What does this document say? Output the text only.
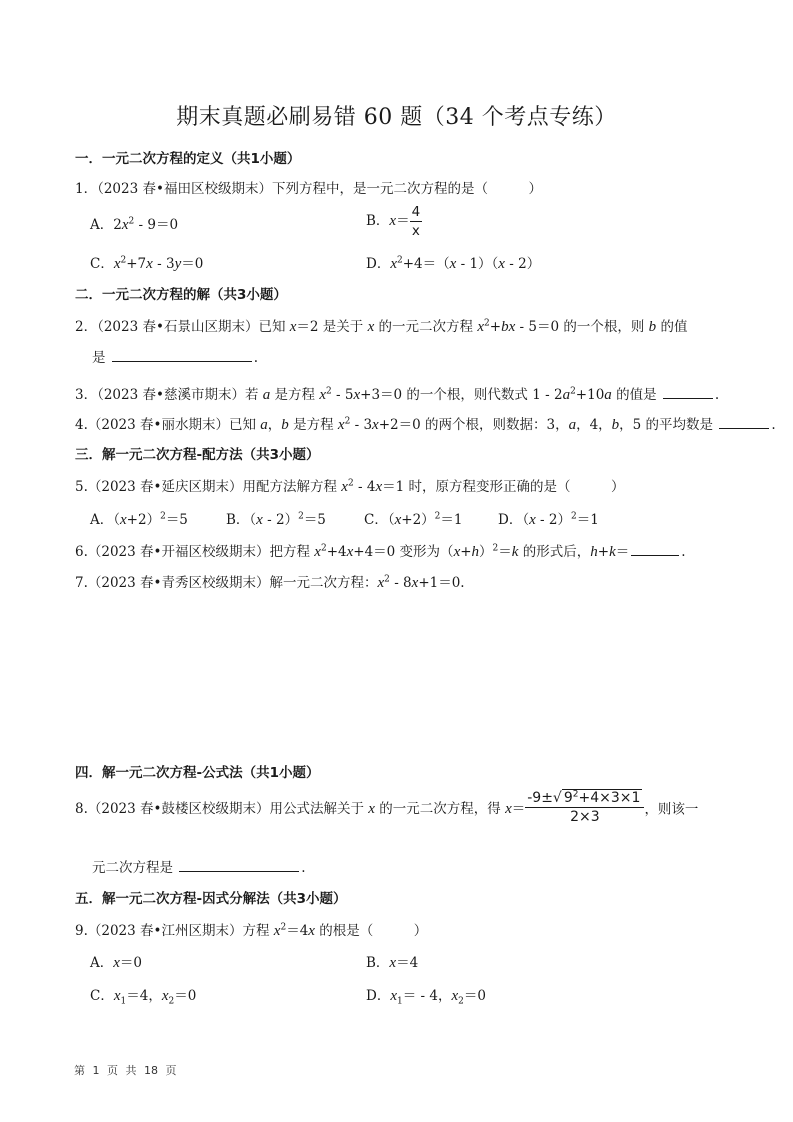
期末真题必刷易错 60 题（34 个考点专练）
一．一元二次方程的定义（共1小题）
1．（2023 春•福田区校级期末）下列方程中，是一元二次方程的是（　　　）
A．$2x^2 - 9=0$	B．$x= \frac{4}{x}$
C．$x^2+7x - 3y=0$	D．$x^2+4=(x - 1)(x - 2)$
二．一元二次方程的解（共3小题）
2．（2023 春•石景山区期末）已知 x＝2 是关于 x 的一元二次方程 $x^2+bx - 5=0$ 的一个根，则 b 的值
是	.
3．（2023 春•慈溪市期末）若 a 是方程 $x^2 - 5x+3=0$ 的一个根，则代数式 $1 - 2a^2+10a$ 的值是	.
4.（2023 春•丽水期末）已知 a，b 是方程 $x^2 - 3x+2=0$ 的两个根，则数据：3，a，4，b，5 的平均数是	.
三．解一元二次方程-配方法（共3小题）
5.（2023 春•延庆区期末）用配方法解方程 $x^2 - 4x=1$ 时，原方程变形正确的是（　　　）
A．$(x+2)^2=5$	B．（x - 2）$^2$＝5	C．$(x+2)^2=1$	D．（x - 2）$^2$＝1
6.（2023 春•开福区校级期末）把方程 $x^2+4x+4=0$ 变形为$(x+h)^2=k$ 的形式后，h+k＝	.
7.（2023 春•青秀区校级期末）解一元二次方程：$x^2 - 8x+1=0$.
四．解一元二次方程-公式法（共1小题）
8.（2023 春•鼓楼区校级期末）用公式法解关于 x 的一元二次方程，得 $x= \frac{-9\pm√ 9^2+4\times 3\times 1}{2\times 3}$ ，则该一
元二次方程是	.
五．解一元二次方程-因式分解法（共3小题）
9.（2023 春•江州区期末）方程 $x^2=4x$ 的根是（　　　）
A．x＝0	B．x＝4
C．$x_1=4$，$x_2=0$	D．$x_1= - 4$，$x_2=0$
第 1 页 共 18 页
